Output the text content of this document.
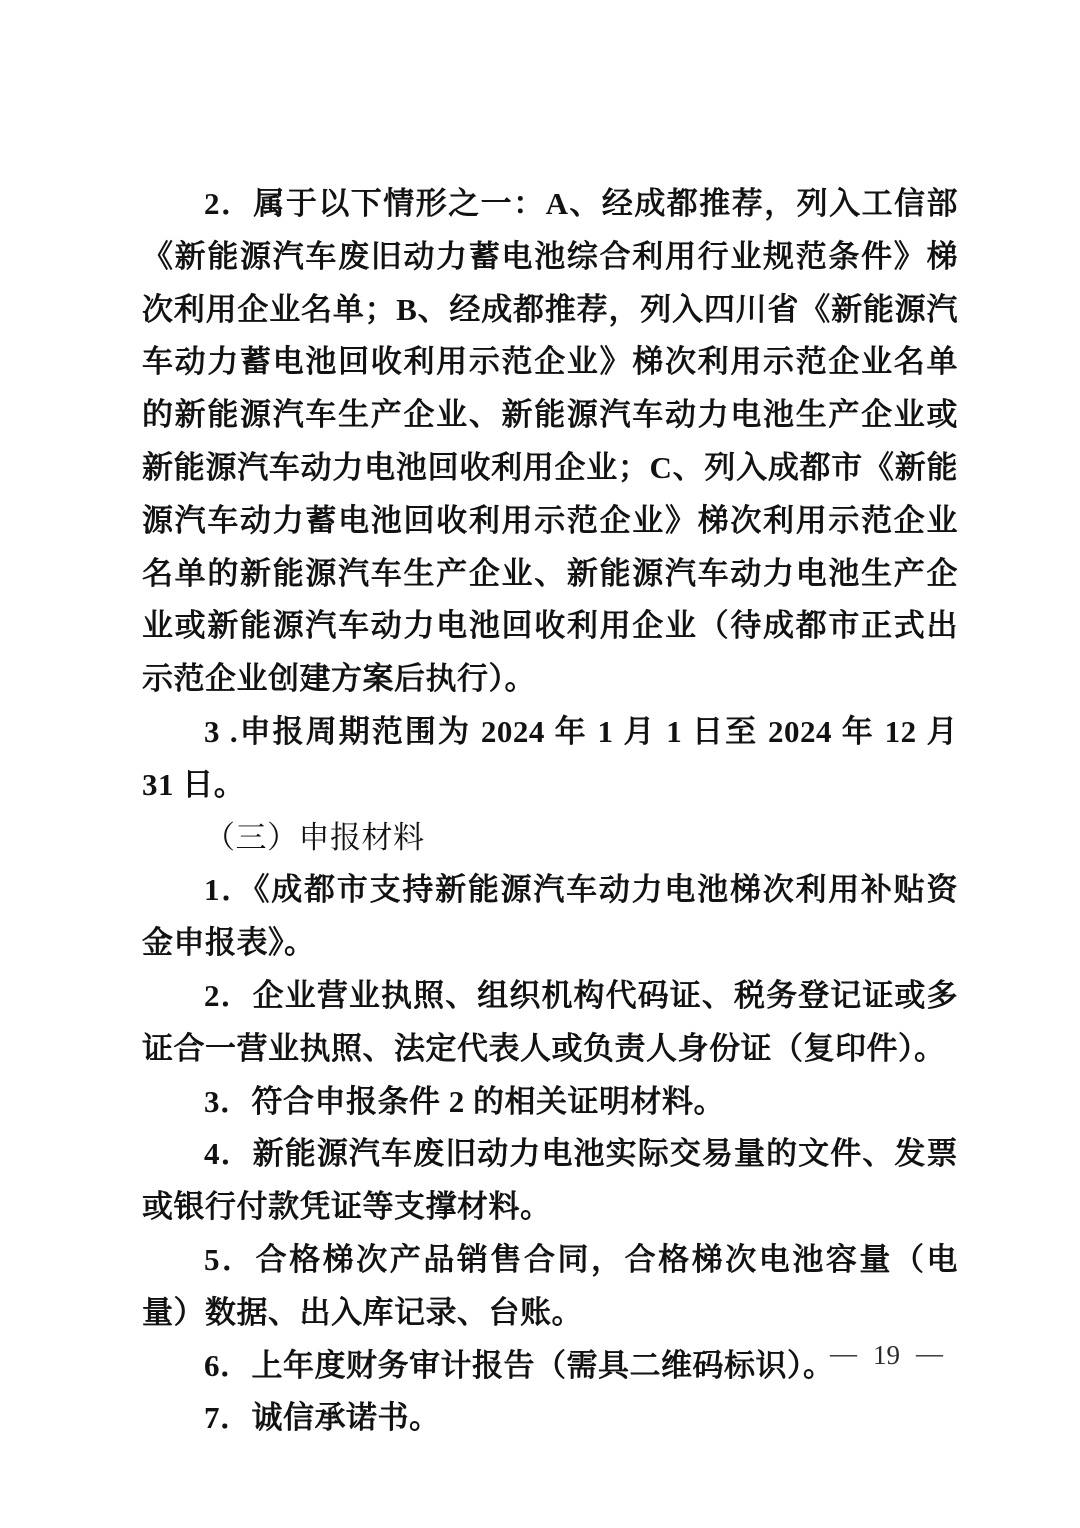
2．属于以下情形之一：A、经成都推荐，列入工信部《新能源汽车废旧动力蓄电池综合利用行业规范条件》梯次利用企业名单；B、经成都推荐，列入四川省《新能源汽车动力蓄电池回收利用示范企业》梯次利用示范企业名单的新能源汽车生产企业、新能源汽车动力电池生产企业或新能源汽车动力电池回收利用企业；C、列入成都市《新能源汽车动力蓄电池回收利用示范企业》梯次利用示范企业名单的新能源汽车生产企业、新能源汽车动力电池生产企业或新能源汽车动力电池回收利用企业（待成都市正式出示范企业创建方案后执行）。

3 .申报周期范围为 2024 年 1 月 1 日至 2024 年 12 月 31 日。

（三）申报材料

1．《成都市支持新能源汽车动力电池梯次利用补贴资金申报表》。

2．企业营业执照、组织机构代码证、税务登记证或多证合一营业执照、法定代表人或负责人身份证（复印件）。

3．符合申报条件 2 的相关证明材料。

4．新能源汽车废旧动力电池实际交易量的文件、发票或银行付款凭证等支撑材料。

5．合格梯次产品销售合同，合格梯次电池容量（电量）数据、出入库记录、台账。

6．上年度财务审计报告（需具二维码标识）。

7．诚信承诺书。

— 19 —
